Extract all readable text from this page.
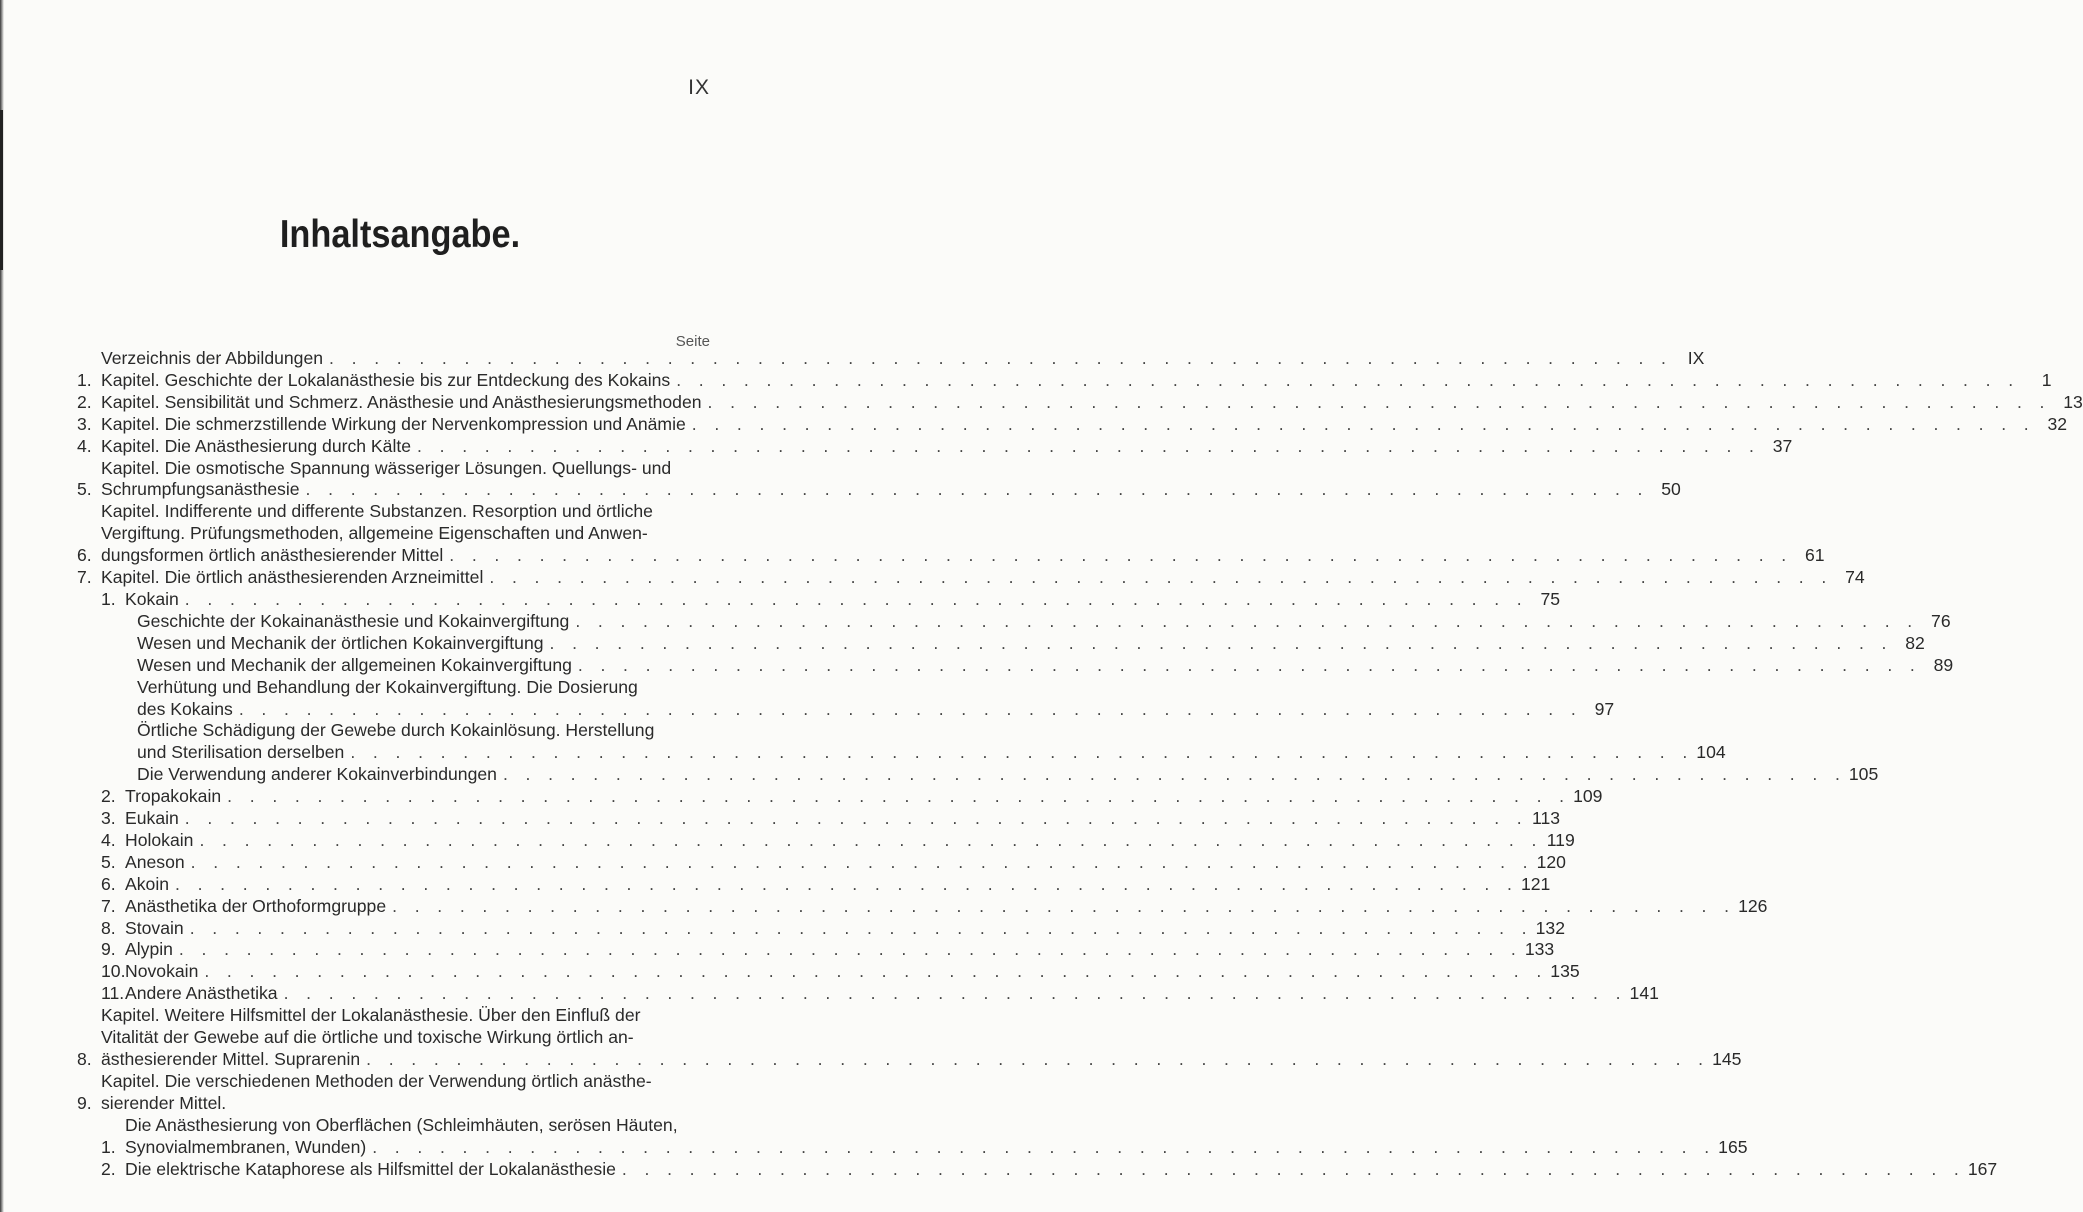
IX
Inhaltsangabe.
Seite
Verzeichnis der Abbildungen . . . . . . . . . . . . . . . . . . . . . . . . . . . . . . . . . . . . . . . . . . . . . . . . . . . . . . . . . . . . IX
1. Kapitel. Geschichte der Lokalanästhesie bis zur Entdeckung des Kokains . . . . . . . . . . . . . . . . . . . . . . . . . . . . . . . . . . . . . . . . . . . . . . . . . . . . . . . . . . . .	1
2. Kapitel. Sensibilität und Schmerz. Anästhesie und Anästhesierungsmethoden . . . . . . . . . . . . . . . . . . . . . . . . . . . . . . . . . . . . . . . . . . . . . . . . . . . . . . . . . . . . 13
3. Kapitel. Die schmerzstillende Wirkung der Nervenkompression und Anämie . . . . . . . . . . . . . . . . . . . . . . . . . . . . . . . . . . . . . . . . . . . . . . . . . . . . . . . . . . . . 32
4. Kapitel. Die Anästhesierung durch Kälte . . . . . . . . . . . . . . . . . . . . . . . . . . . . . . . . . . . . . . . . . . . . . . . . . . . . . . . . . . . . 37
5.
Kapitel. Die osmotische Spannung wässeriger Lösungen. Quellungs- und
Schrumpfungsanästhesie . . . . . . . . . . . . . . . . . . . . . . . . . . . . . . . . . . . . . . . . . . . . . . . . . . . . . . . . . . . . 50
6.
Kapitel. Indifferente und differente Substanzen. Resorption und örtliche
Vergiftung. Prüfungsmethoden, allgemeine Eigenschaften und Anwen-
dungsformen örtlich anästhesierender Mittel . . . . . . . . . . . . . . . . . . . . . . . . . . . . . . . . . . . . . . . . . . . . . . . . . . . . . . . . . . . . 61
7. Kapitel. Die örtlich anästhesierenden Arzneimittel . . . . . . . . . . . . . . . . . . . . . . . . . . . . . . . . . . . . . . . . . . . . . . . . . . . . . . . . . . . . 74
1. Kokain . . . . . . . . . . . . . . . . . . . . . . . . . . . . . . . . . . . . . . . . . . . . . . . . . . . . . . . . . . . . 75
Geschichte der Kokainanästhesie und Kokainvergiftung . . . . . . . . . . . . . . . . . . . . . . . . . . . . . . . . . . . . . . . . . . . . . . . . . . . . . . . . . . . . 76
Wesen und Mechanik der örtlichen Kokainvergiftung . . . . . . . . . . . . . . . . . . . . . . . . . . . . . . . . . . . . . . . . . . . . . . . . . . . . . . . . . . . . 82
Wesen und Mechanik der allgemeinen Kokainvergiftung . . . . . . . . . . . . . . . . . . . . . . . . . . . . . . . . . . . . . . . . . . . . . . . . . . . . . . . . . . . . 89
Verhütung und Behandlung der Kokainvergiftung. Die Dosierung
des Kokains . . . . . . . . . . . . . . . . . . . . . . . . . . . . . . . . . . . . . . . . . . . . . . . . . . . . . . . . . . . . 97
Örtliche Schädigung der Gewebe durch Kokainlösung. Herstellung
und Sterilisation derselben . . . . . . . . . . . . . . . . . . . . . . . . . . . . . . . . . . . . . . . . . . . . . . . . . . . . . . . . . . . . 104
Die Verwendung anderer Kokainverbindungen . . . . . . . . . . . . . . . . . . . . . . . . . . . . . . . . . . . . . . . . . . . . . . . . . . . . . . . . . . . . 105
2. Tropakokain . . . . . . . . . . . . . . . . . . . . . . . . . . . . . . . . . . . . . . . . . . . . . . . . . . . . . . . . . . . . 109
3. Eukain . . . . . . . . . . . . . . . . . . . . . . . . . . . . . . . . . . . . . . . . . . . . . . . . . . . . . . . . . . . . 113
4. Holokain . . . . . . . . . . . . . . . . . . . . . . . . . . . . . . . . . . . . . . . . . . . . . . . . . . . . . . . . . . . . 119
5. Aneson . . . . . . . . . . . . . . . . . . . . . . . . . . . . . . . . . . . . . . . . . . . . . . . . . . . . . . . . . . . . 120
6. Akoin . . . . . . . . . . . . . . . . . . . . . . . . . . . . . . . . . . . . . . . . . . . . . . . . . . . . . . . . . . . . 121
7. Anästhetika der Orthoformgruppe . . . . . . . . . . . . . . . . . . . . . . . . . . . . . . . . . . . . . . . . . . . . . . . . . . . . . . . . . . . . 126
8. Stovain . . . . . . . . . . . . . . . . . . . . . . . . . . . . . . . . . . . . . . . . . . . . . . . . . . . . . . . . . . . . 132
9. Alypin . . . . . . . . . . . . . . . . . . . . . . . . . . . . . . . . . . . . . . . . . . . . . . . . . . . . . . . . . . . . 133
10. Novokain . . . . . . . . . . . . . . . . . . . . . . . . . . . . . . . . . . . . . . . . . . . . . . . . . . . . . . . . . . . . 135
11. Andere Anästhetika . . . . . . . . . . . . . . . . . . . . . . . . . . . . . . . . . . . . . . . . . . . . . . . . . . . . . . . . . . . . 141
8.
Kapitel. Weitere Hilfsmittel der Lokalanästhesie. Über den Einfluß der
Vitalität der Gewebe auf die örtliche und toxische Wirkung örtlich an-
ästhesierender Mittel. Suprarenin . . . . . . . . . . . . . . . . . . . . . . . . . . . . . . . . . . . . . . . . . . . . . . . . . . . . . . . . . . . . 145
9.
Kapitel. Die verschiedenen Methoden der Verwendung örtlich anästhe-
sierender Mittel.
1.
Die Anästhesierung von Oberflächen (Schleimhäuten, serösen Häuten,
Synovialmembranen, Wunden) . . . . . . . . . . . . . . . . . . . . . . . . . . . . . . . . . . . . . . . . . . . . . . . . . . . . . . . . . . . . 165
2. Die elektrische Kataphorese als Hilfsmittel der Lokalanästhesie . . . . . . . . . . . . . . . . . . . . . . . . . . . . . . . . . . . . . . . . . . . . . . . . . . . . . . . . . . . . 167
